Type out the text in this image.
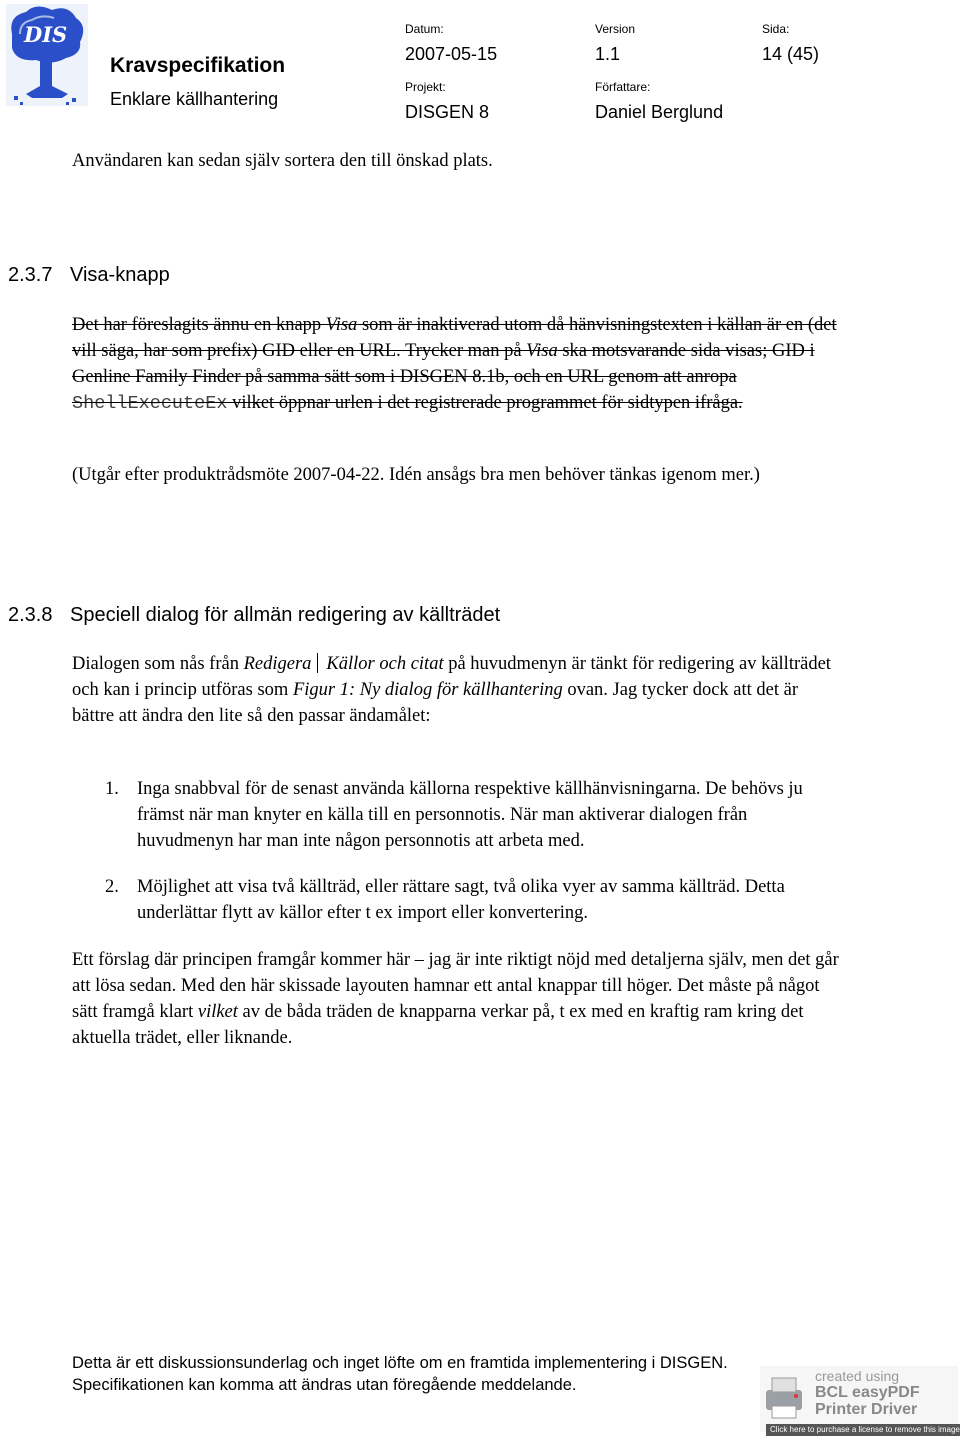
DIS
Kravspecifikation
Enklare källhantering
Datum:
2007-05-15
Version
1.1
Sida:
14 (45)
Projekt:
DISGEN 8
Författare:
Daniel Berglund
Användaren kan sedan själv sortera den till önskad plats.
2.3.7 Visa-knapp
Det har föreslagits ännu en knapp Visa som är inaktiverad utom då hänvisningstexten i källan är en (det vill säga, har som prefix) GID eller en URL. Trycker man på Visa ska motsvarande sida visas; GID i Genline Family Finder på samma sätt som i DISGEN 8.1b, och en URL genom att anropa ShellExecuteEx vilket öppnar urlen i det registrerade programmet för sidtypen ifråga.
(Utgår efter produktrådsmöte 2007-04-22. Idén ansågs bra men behöver tänkas igenom mer.)
2.3.8 Speciell dialog för allmän redigering av källträdet
Dialogen som nås från Redigera Källor och citat på huvudmenyn är tänkt för redigering av källträdet och kan i princip utföras som Figur 1: Ny dialog för källhantering ovan. Jag tycker dock att det är bättre att ändra den lite så den passar ändamålet:
1. Inga snabbval för de senast använda källorna respektive källhänvisningarna. De behövs ju främst när man knyter en källa till en personnotis. När man aktiverar dialogen från huvudmenyn har man inte någon personnotis att arbeta med.
2. Möjlighet att visa två källträd, eller rättare sagt, två olika vyer av samma källträd. Detta underlättar flytt av källor efter t ex import eller konvertering.
Ett förslag där principen framgår kommer här – jag är inte riktigt nöjd med detaljerna själv, men det går att lösa sedan. Med den här skissade layouten hamnar ett antal knappar till höger. Det måste på något sätt framgå klart vilket av de båda träden de knapparna verkar på, t ex med en kraftig ram kring det aktuella trädet, eller liknande.
Detta är ett diskussionsunderlag och inget löfte om en framtida implementering i DISGEN.
Specifikationen kan komma att ändras utan föregående meddelande.	created using
BCL easyPDF
Printer Driver
Click here to purchase a license to remove this image
